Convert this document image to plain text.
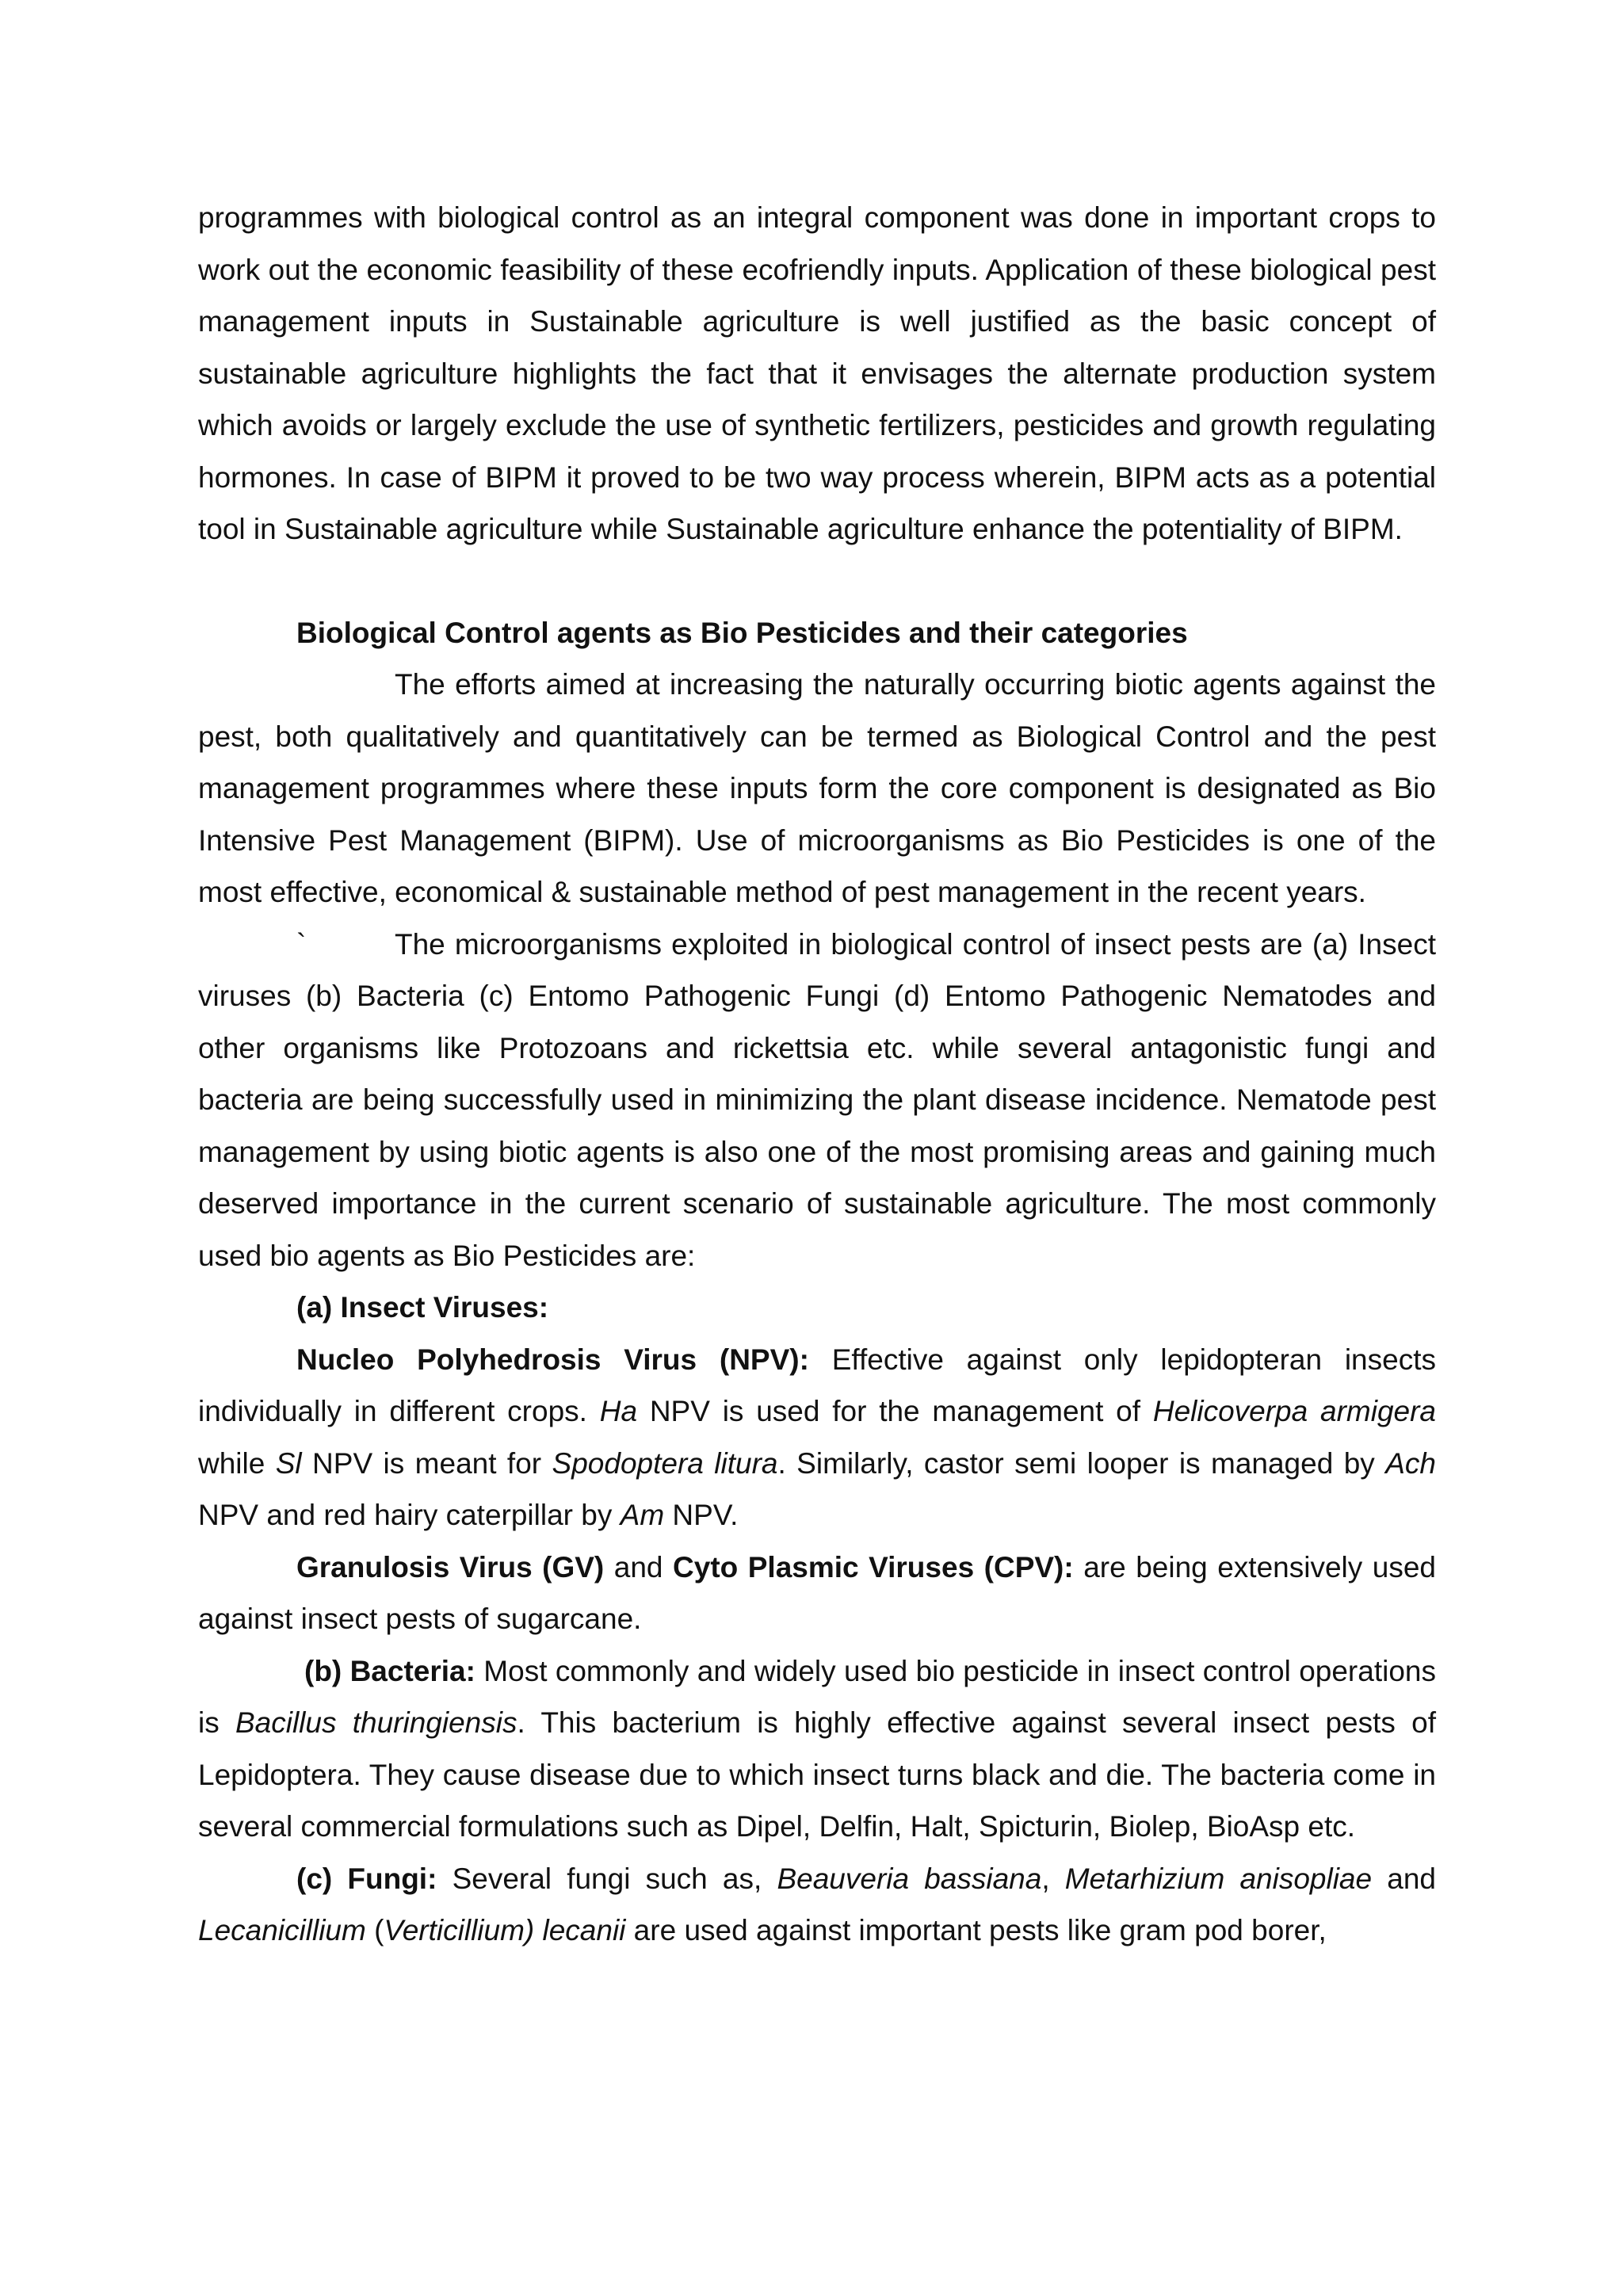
programmes with biological control as an integral component was done in important crops to work out the economic feasibility of these ecofriendly inputs. Application of these biological pest management inputs in Sustainable agriculture is well justified as the basic concept of sustainable agriculture highlights the fact that it envisages the alternate production system which avoids or largely exclude the use of synthetic fertilizers, pesticides and growth regulating hormones. In case of BIPM it proved to be two way process wherein, BIPM acts as a potential tool in Sustainable agriculture while Sustainable agriculture enhance the potentiality of BIPM.

Biological Control agents as Bio Pesticides and their categories

The efforts aimed at increasing the naturally occurring biotic agents against the pest, both qualitatively and quantitatively can be termed as Biological Control and the pest management programmes where these inputs form the core component is designated as Bio Intensive Pest Management (BIPM). Use of microorganisms as Bio Pesticides is one of the most effective, economical & sustainable method of pest management in the recent years.

`	The microorganisms exploited in biological control of insect pests are (a) Insect viruses (b) Bacteria (c) Entomo Pathogenic Fungi (d) Entomo Pathogenic Nematodes and other organisms like Protozoans and rickettsia etc. while several antagonistic fungi and bacteria are being successfully used in minimizing the plant disease incidence. Nematode pest management by using biotic agents is also one of the most promising areas and gaining much deserved importance in the current scenario of sustainable agriculture. The most commonly used bio agents as Bio Pesticides are:

(a) Insect Viruses:

Nucleo Polyhedrosis Virus (NPV): Effective against only lepidopteran insects individually in different crops. Ha NPV is used for the management of Helicoverpa armigera while Sl NPV is meant for Spodoptera litura. Similarly, castor semi looper is managed by Ach NPV and red hairy caterpillar by Am NPV.

Granulosis Virus (GV) and Cyto Plasmic Viruses (CPV): are being extensively used against insect pests of sugarcane.

(b) Bacteria: Most commonly and widely used bio pesticide in insect control operations is Bacillus thuringiensis. This bacterium is highly effective against several insect pests of Lepidoptera. They cause disease due to which insect turns black and die. The bacteria come in several commercial formulations such as Dipel, Delfin, Halt, Spicturin, Biolep, BioAsp etc.

(c) Fungi: Several fungi such as, Beauveria bassiana, Metarhizium anisopliae and Lecanicillium (Verticillium) lecanii are used against important pests like gram pod borer,
